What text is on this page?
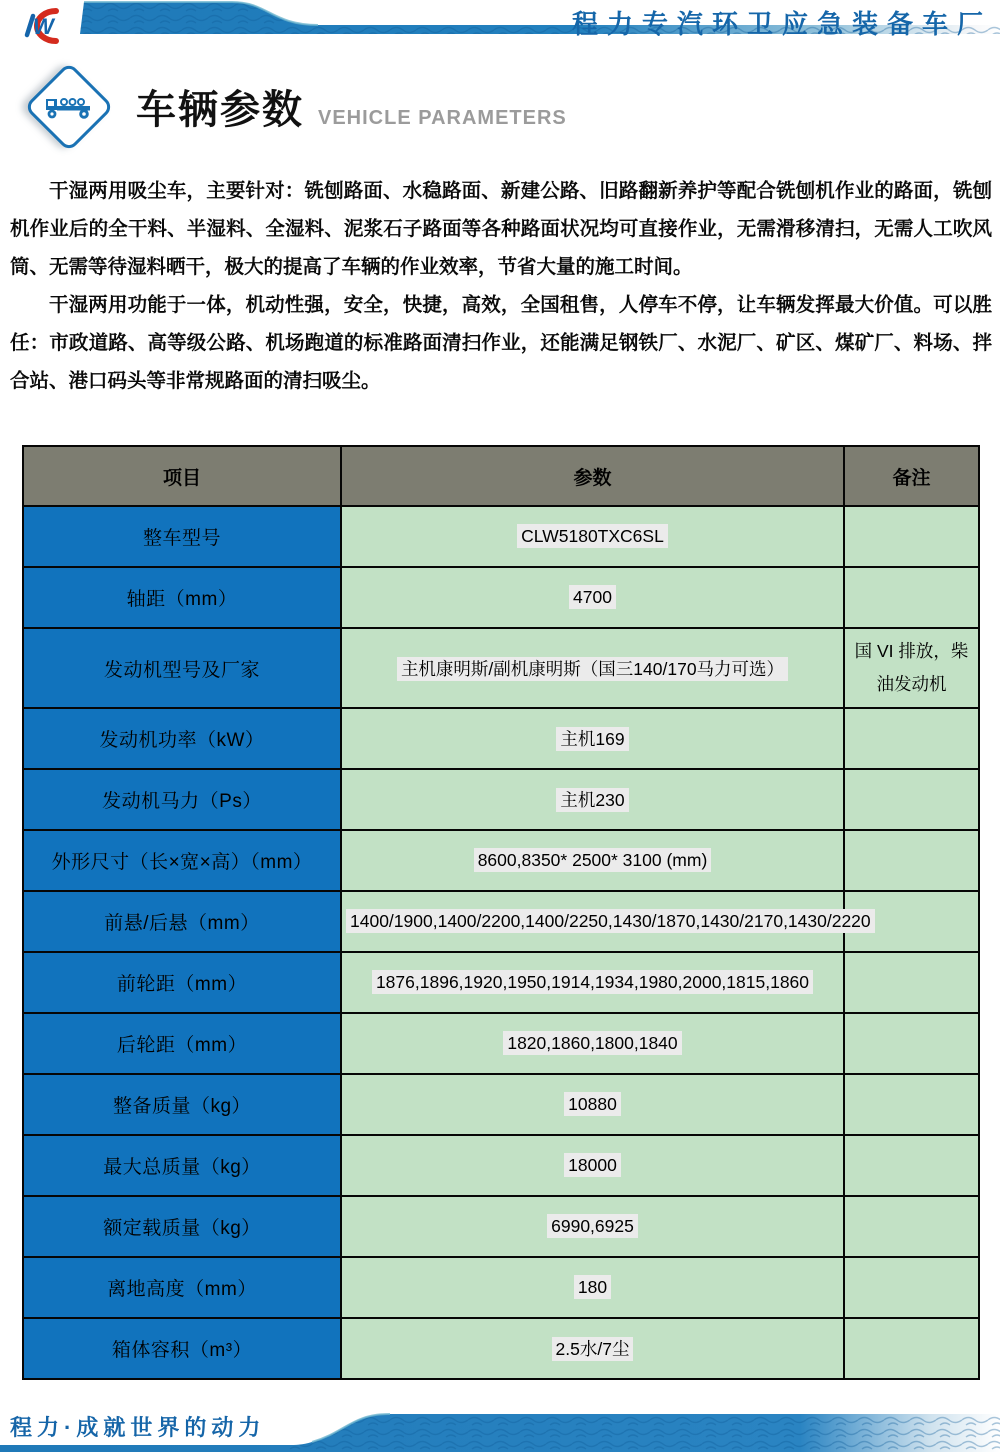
W	程力专汽环卫应急装备车厂
车辆参数 VEHICLE PARAMETERS

干湿两用吸尘车，主要针对：铣刨路面、水稳路面、新建公路、旧路翻新养护等配合铣刨机作业的路面，铣刨机作业后的全干料、半湿料、全湿料、泥浆石子路面等各种路面状况均可直接作业，无需滑移清扫，无需人工吹风筒、无需等待湿料晒干，极大的提高了车辆的作业效率，节省大量的施工时间。

干湿两用功能于一体，机动性强，安全，快捷，高效，全国租售，人停车不停，让车辆发挥最大价值。可以胜任：市政道路、高等级公路、机场跑道的标准路面清扫作业，还能满足钢铁厂、水泥厂、矿区、煤矿厂、料场、拌合站、港口码头等非常规路面的清扫吸尘。

项目	参数	备注
整车型号	CLW5180TXC6SL	
轴距（mm）	4700	
发动机型号及厂家	主机康明斯/副机康明斯（国三140/170马力可选）	国 VI 排放，柴油发动机
发动机功率（kW）	主机169	
发动机马力（Ps）	主机230	
外形尺寸（长×宽×高）（mm）	8600,8350* 2500* 3100 (mm)	
前悬/后悬（mm）	1400/1900,1400/2200,1400/2250,1430/1870,1430/2170,1430/2220	
前轮距（mm）	1876,1896,1920,1950,1914,1934,1980,2000,1815,1860	
后轮距（mm）	1820,1860,1800,1840	
整备质量（kg）	10880	
最大总质量（kg）	18000	
额定载质量（kg）	6990,6925	
离地高度（mm）	180	
箱体容积（m³）	2.5水/7尘	
程力·成就世界的动力
